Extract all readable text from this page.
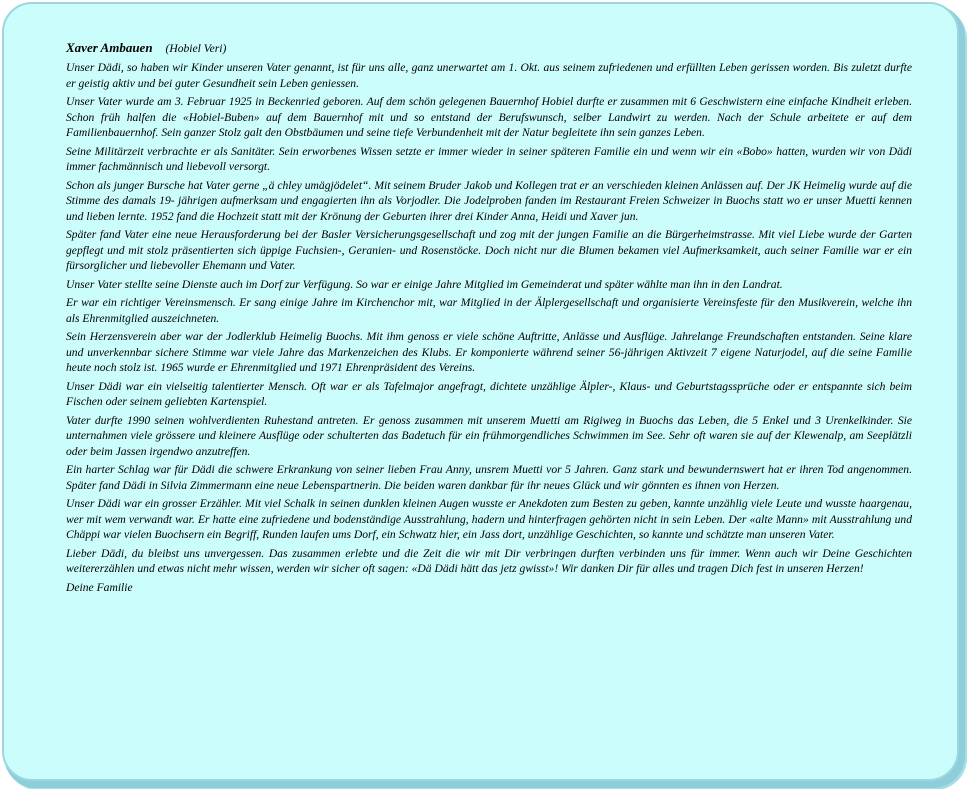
Xaver Ambauen (Hobiel Veri)

Unser Dädi, so haben wir Kinder unseren Vater genannt, ist für uns alle, ganz unerwartet am 1. Okt. aus seinem zufriedenen und erfüllten Leben gerissen worden. Bis zuletzt durfte er geistig aktiv und bei guter Gesundheit sein Leben geniessen.

Unser Vater wurde am 3. Februar 1925 in Beckenried geboren. Auf dem schön gelegenen Bauernhof Hobiel durfte er zusammen mit 6 Geschwistern eine einfache Kindheit erleben. Schon früh halfen die «Hobiel-Buben» auf dem Bauernhof mit und so entstand der Berufswunsch, selber Landwirt zu werden. Nach der Schule arbeitete er auf dem Familienbauernhof. Sein ganzer Stolz galt den Obstbäumen und seine tiefe Verbundenheit mit der Natur begleitete ihn sein ganzes Leben.

Seine Militärzeit verbrachte er als Sanitäter. Sein erworbenes Wissen setzte er immer wieder in seiner späteren Familie ein und wenn wir ein «Bobo» hatten, wurden wir von Dädi immer fachmännisch und liebevoll versorgt.

Schon als junger Bursche hat Vater gerne „ä chley umägjödelet“. Mit seinem Bruder Jakob und Kollegen trat er an verschieden kleinen Anlässen auf. Der JK Heimelig wurde auf die Stimme des damals 19- jährigen aufmerksam und engagierten ihn als Vorjodler. Die Jodelproben fanden im Restaurant Freien Schweizer in Buochs statt wo er unser Muetti kennen und lieben lernte. 1952 fand die Hochzeit statt mit der Krönung der Geburten ihrer drei Kinder Anna, Heidi und Xaver jun.

Später fand Vater eine neue Herausforderung bei der Basler Versicherungsgesellschaft und zog mit der jungen Familie an die Bürgerheimstrasse. Mit viel Liebe wurde der Garten gepflegt und mit stolz präsentierten sich üppige Fuchsien-, Geranien- und Rosenstöcke. Doch nicht nur die Blumen bekamen viel Aufmerksamkeit, auch seiner Familie war er ein fürsorglicher und liebevoller Ehemann und Vater.

Unser Vater stellte seine Dienste auch im Dorf zur Verfügung. So war er einige Jahre Mitglied im Gemeinderat und später wählte man ihn in den Landrat.

Er war ein richtiger Vereinsmensch. Er sang einige Jahre im Kirchenchor mit, war Mitglied in der Älplergesellschaft und organisierte Vereinsfeste für den Musikverein, welche ihn als Ehrenmitglied auszeichneten.

Sein Herzensverein aber war der Jodlerklub Heimelig Buochs. Mit ihm genoss er viele schöne Auftritte, Anlässe und Ausflüge. Jahrelange Freundschaften entstanden. Seine klare und unverkennbar sichere Stimme war viele Jahre das Markenzeichen des Klubs. Er komponierte während seiner 56-jährigen Aktivzeit 7 eigene Naturjodel, auf die seine Familie heute noch stolz ist. 1965 wurde er Ehrenmitglied und 1971 Ehrenpräsident des Vereins.

Unser Dädi war ein vielseitig talentierter Mensch. Oft war er als Tafelmajor angefragt, dichtete unzählige Älpler-, Klaus- und Geburtstagssprüche oder er entspannte sich beim Fischen oder seinem geliebten Kartenspiel.

Vater durfte 1990 seinen wohlverdienten Ruhestand antreten. Er genoss zusammen mit unserem Muetti am Rigiweg in Buochs das Leben, die 5 Enkel und 3 Urenkelkinder. Sie unternahmen viele grössere und kleinere Ausflüge oder schulterten das Badetuch für ein frühmorgendliches Schwimmen im See. Sehr oft waren sie auf der Klewenalp, am Seeplätzli oder beim Jassen irgendwo anzutreffen.

Ein harter Schlag war für Dädi die schwere Erkrankung von seiner lieben Frau Anny, unsrem Muetti vor 5 Jahren. Ganz stark und bewundernswert hat er ihren Tod angenommen. Später fand Dädi in Silvia Zimmermann eine neue Lebenspartnerin. Die beiden waren dankbar für ihr neues Glück und wir gönnten es ihnen von Herzen.

Unser Dädi war ein grosser Erzähler. Mit viel Schalk in seinen dunklen kleinen Augen wusste er Anekdoten zum Besten zu geben, kannte unzählig viele Leute und wusste haargenau, wer mit wem verwandt war. Er hatte eine zufriedene und bodenständige Ausstrahlung, hadern und hinterfragen gehörten nicht in sein Leben. Der «alte Mann» mit Ausstrahlung und Chäppi war vielen Buochsern ein Begriff, Runden laufen ums Dorf, ein Schwatz hier, ein Jass dort, unzählige Geschichten, so kannte und schätzte man unseren Vater.

Lieber Dädi, du bleibst uns unvergessen. Das zusammen erlebte und die Zeit die wir mit Dir verbringen durften verbinden uns für immer. Wenn auch wir Deine Geschichten weitererzählen und etwas nicht mehr wissen, werden wir sicher oft sagen: «Dä Dädi hätt das jetz gwisst»! Wir danken Dir für alles und tragen Dich fest in unseren Herzen!

Deine Familie
